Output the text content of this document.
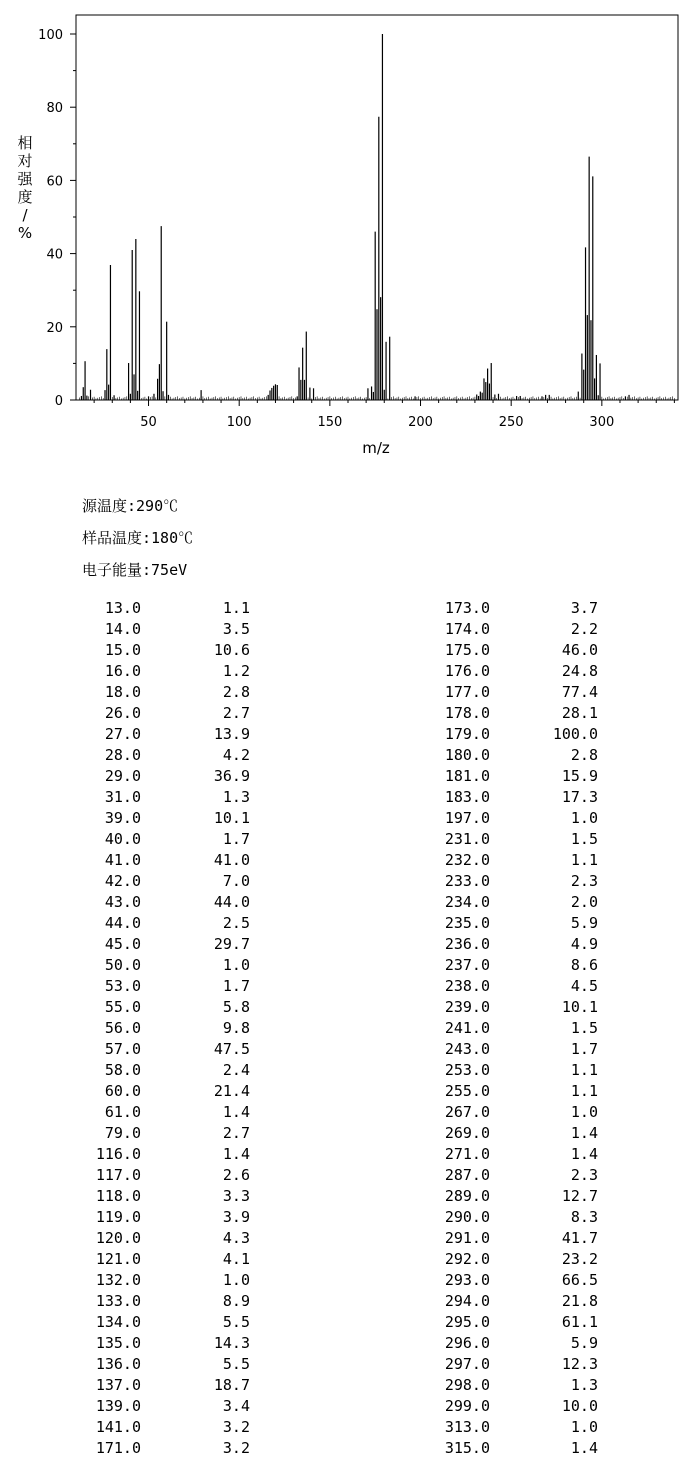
50	100	150	200	250	300
0
20
40
60
80
100
m/z
相
对
强
度
/
%
源温度:290℃
样品温度:180℃
电子能量:75eV
13.0	1.1
14.0	3.5
15.0	10.6
16.0	1.2
18.0	2.8
26.0	2.7
27.0	13.9
28.0	4.2
29.0	36.9
31.0	1.3
39.0	10.1
40.0	1.7
41.0	41.0
42.0	7.0
43.0	44.0
44.0	2.5
45.0	29.7
50.0	1.0
53.0	1.7
55.0	5.8
56.0	9.8
57.0	47.5
58.0	2.4
60.0	21.4
61.0	1.4
79.0	2.7
116.0	1.4
117.0	2.6
118.0	3.3
119.0	3.9
120.0	4.3
121.0	4.1
132.0	1.0
133.0	8.9
134.0	5.5
135.0	14.3
136.0	5.5
137.0	18.7
139.0	3.4
141.0	3.2
171.0	3.2
173.0	3.7
174.0	2.2
175.0	46.0
176.0	24.8
177.0	77.4
178.0	28.1
179.0	100.0
180.0	2.8
181.0	15.9
183.0	17.3
197.0	1.0
231.0	1.5
232.0	1.1
233.0	2.3
234.0	2.0
235.0	5.9
236.0	4.9
237.0	8.6
238.0	4.5
239.0	10.1
241.0	1.5
243.0	1.7
253.0	1.1
255.0	1.1
267.0	1.0
269.0	1.4
271.0	1.4
287.0	2.3
289.0	12.7
290.0	8.3
291.0	41.7
292.0	23.2
293.0	66.5
294.0	21.8
295.0	61.1
296.0	5.9
297.0	12.3
298.0	1.3
299.0	10.0
313.0	1.0
315.0	1.4
